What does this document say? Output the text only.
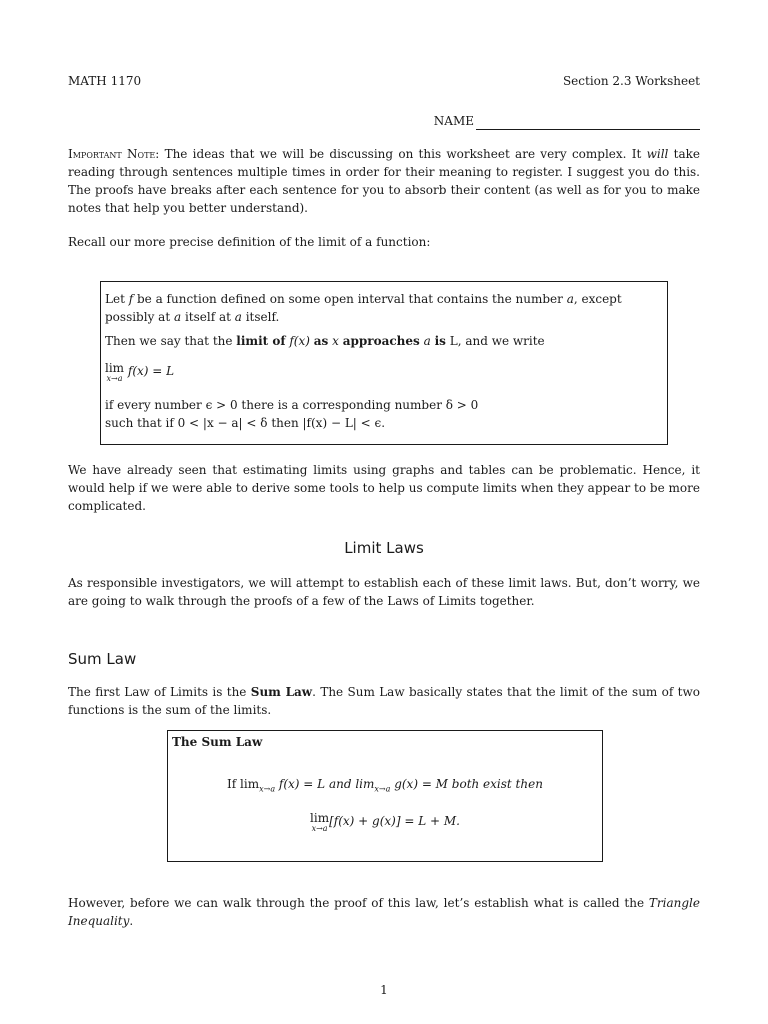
MATH 1170	Section 2.3 Worksheet
NAME

Important Note: The ideas that we will be discussing on this worksheet are very complex. It will take reading through sentences multiple times in order for their meaning to register. I suggest you do this. The proofs have breaks after each sentence for you to absorb their content (as well as for you to make notes that help you better understand).

Recall our more precise definition of the limit of a function:

Let f be a function defined on some open interval that contains the number a, except possibly at a itself at a itself.

Then we say that the limit of f(x) as x approaches a is L, and we write

lim
x→a
f(x) = L

if every number ϵ > 0 there is a corresponding number δ > 0

such that if 0 < |x − a| < δ then |f(x) − L| < ϵ.

We have already seen that estimating limits using graphs and tables can be problematic. Hence, it would help if we were able to derive some tools to help us compute limits when they appear to be more complicated.

Limit Laws

As responsible investigators, we will attempt to establish each of these limit laws. But, don’t worry, we are going to walk through the proofs of a few of the Laws of Limits together.

Sum Law

The first Law of Limits is the Sum Law. The Sum Law basically states that the limit of the sum of two functions is the sum of the limits.

The Sum Law

If $\lim_{x\to a} f(x) = L$ and $\lim_{x\to a} g(x) = M$ both exist then

lim
x→a
[f(x) + g(x)] = L + M.

However, before we can walk through the proof of this law, let’s establish what is called the Triangle Inequality.

1
